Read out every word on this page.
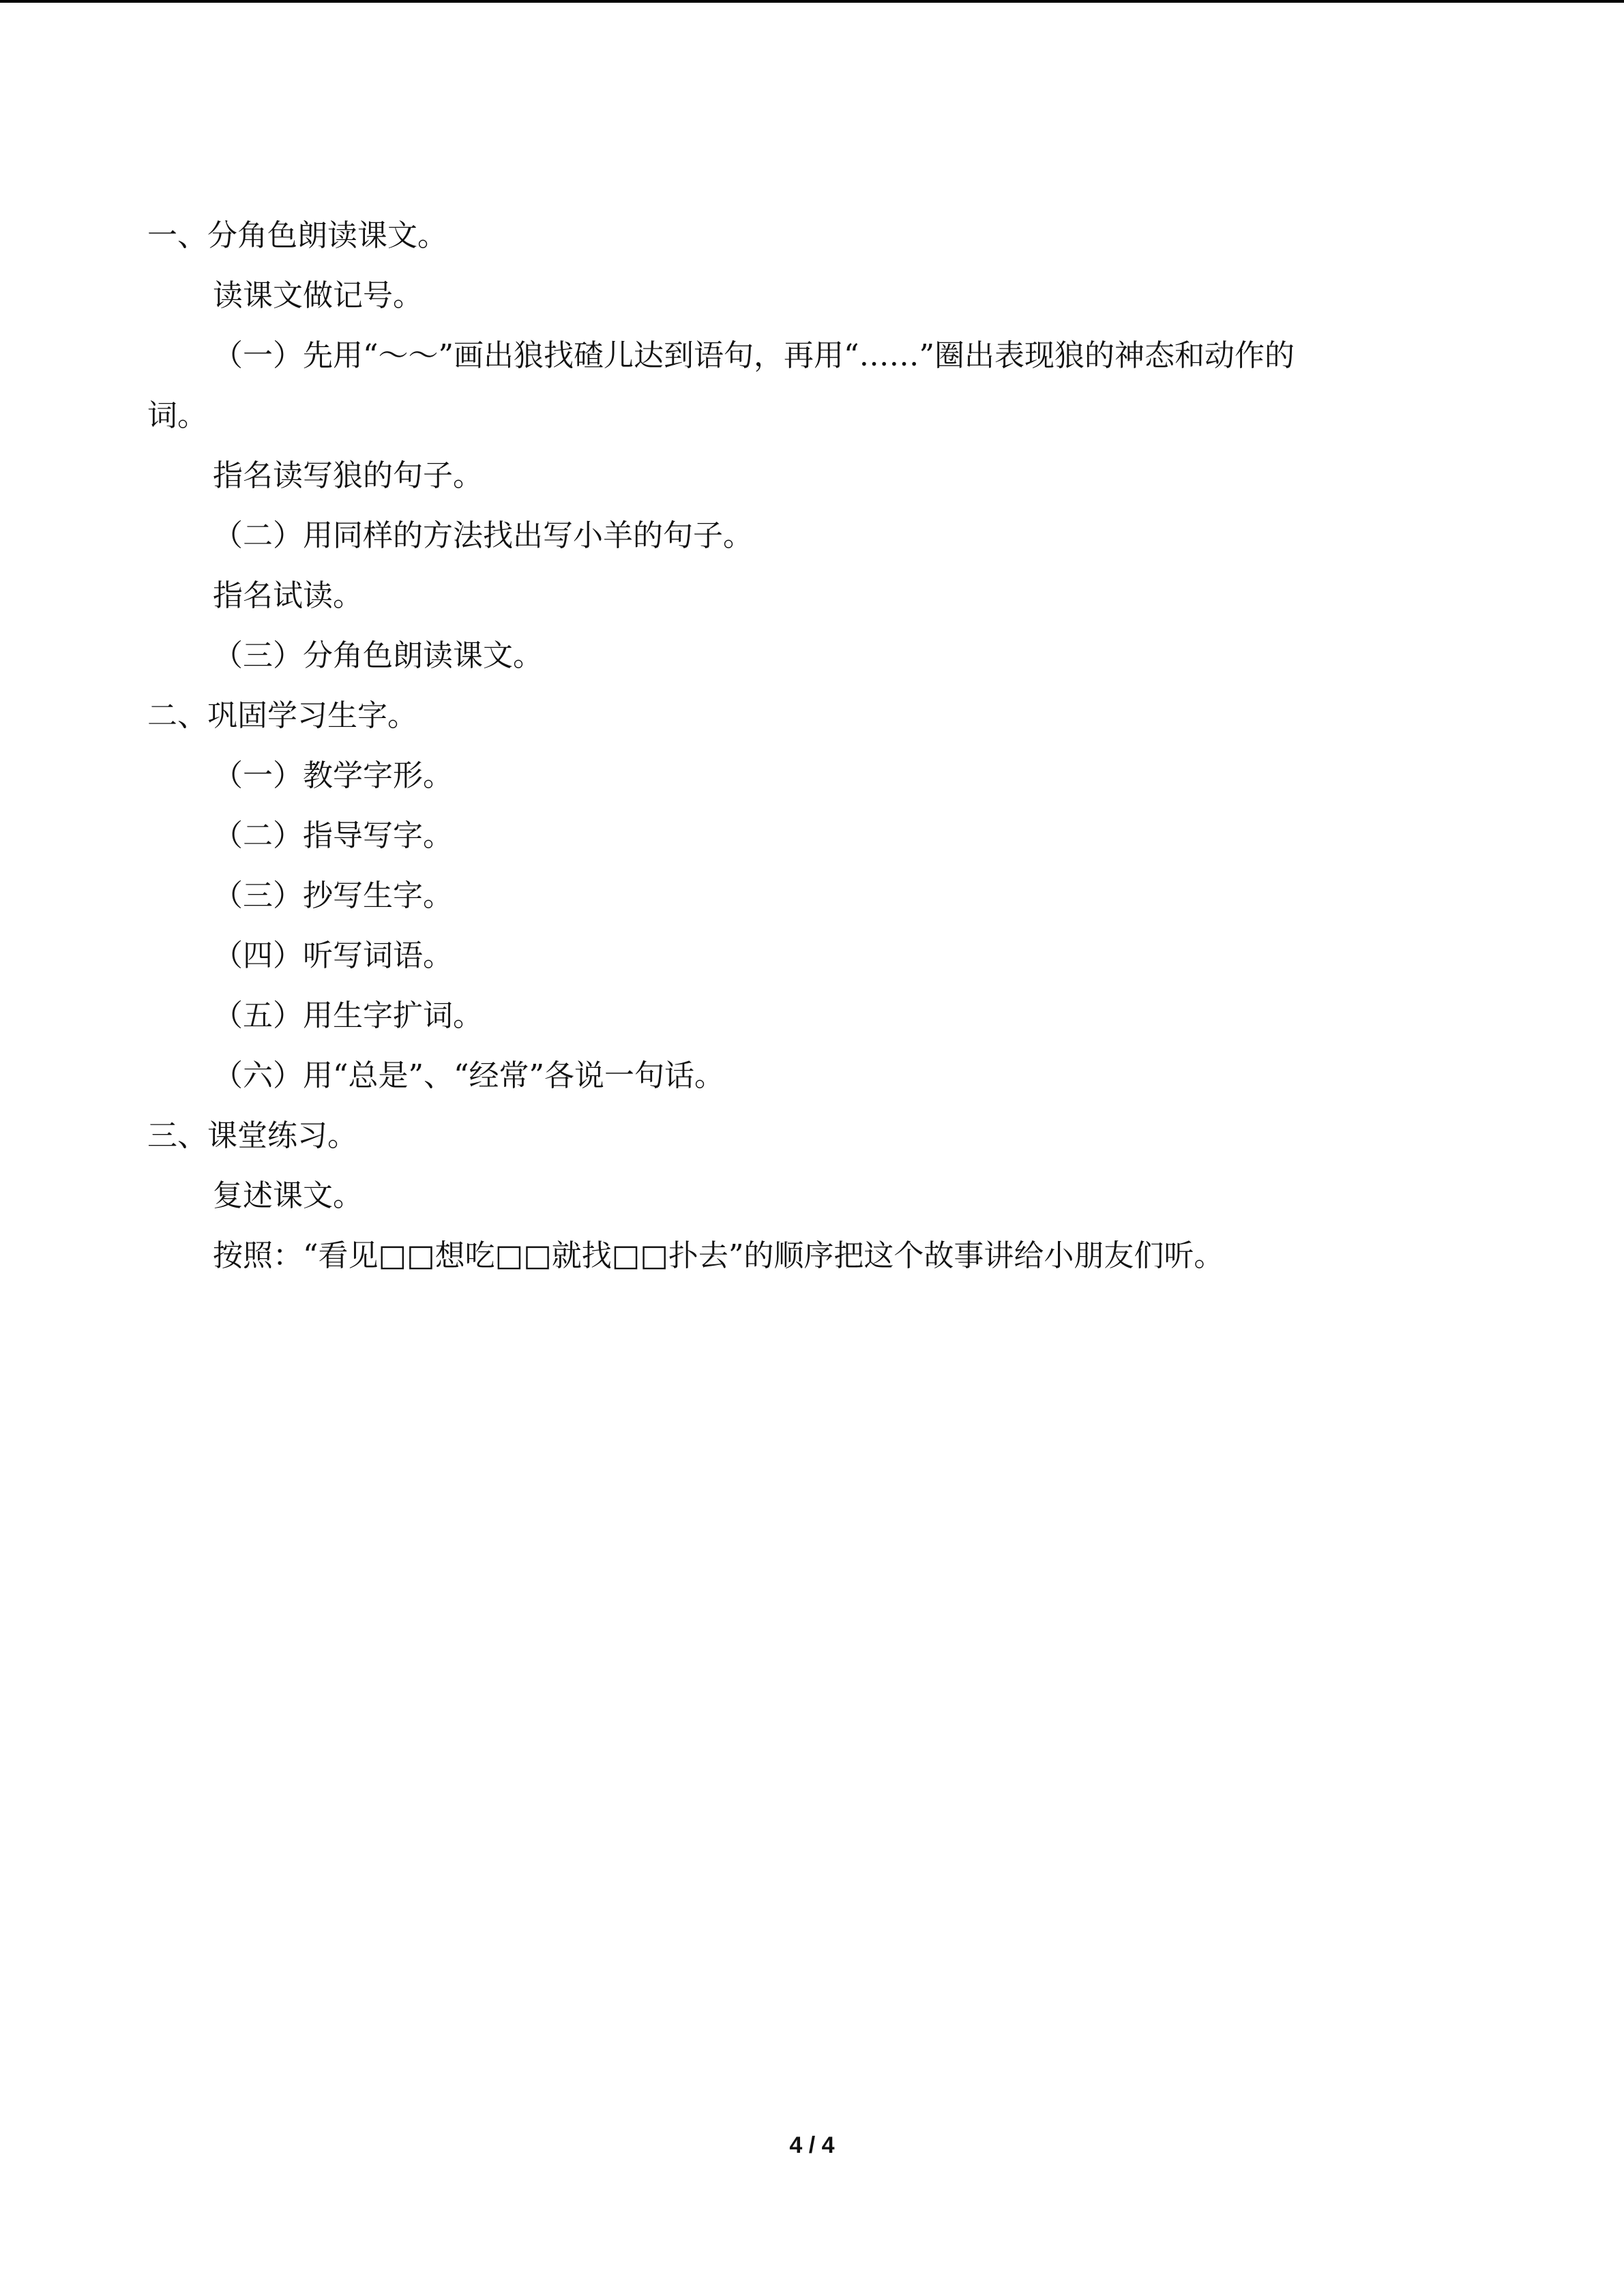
一、分角色朗读课文。
读课文做记号。
（一）先用“～～”画出狼找碴儿达到语句，再用“……”圈出表现狼的神态和动作的
词。
指名读写狼的句子。
（二）用同样的方法找出写小羊的句子。
指名试读。
（三）分角色朗读课文。
二、巩固学习生字。
（一）教学字形。
（二）指导写字。
（三）抄写生字。
（四）听写词语。
（五）用生字扩词。
（六）用“总是”、“经常”各说一句话。
三、课堂练习。
复述课文。
按照：“看见□□想吃□□就找□□扑去”的顺序把这个故事讲给小朋友们听。
4 / 4
